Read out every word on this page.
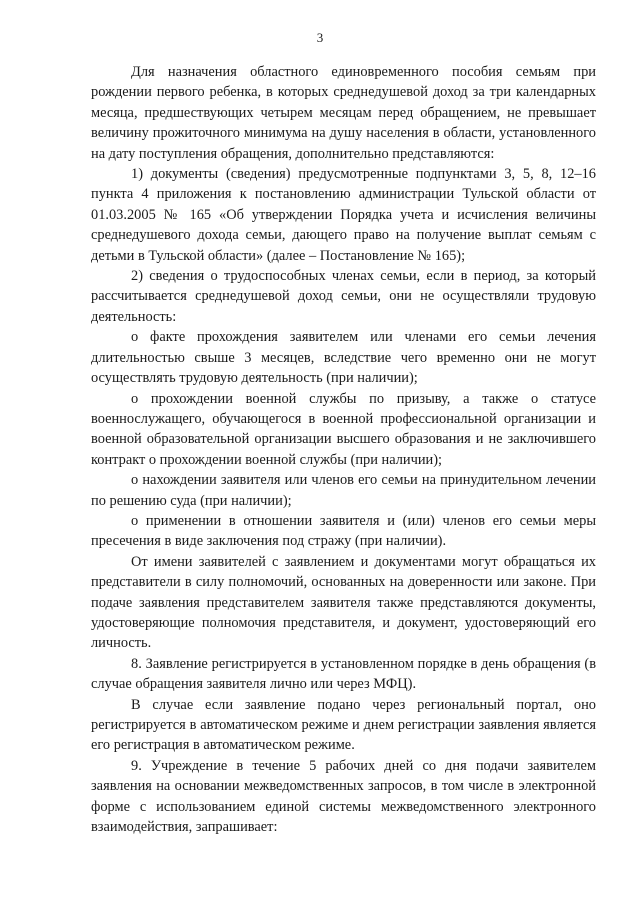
3

Для назначения областного единовременного пособия семьям при рождении первого ребенка, в которых среднедушевой доход за три календарных месяца, предшествующих четырем месяцам перед обращением, не превышает величину прожиточного минимума на душу населения в области, установленного на дату поступления обращения, дополнительно представляются:

1) документы (сведения) предусмотренные подпунктами 3, 5, 8, 12–16 пункта 4 приложения к постановлению администрации Тульской области от 01.03.2005 № 165 «Об утверждении Порядка учета и исчисления величины среднедушевого дохода семьи, дающего право на получение выплат семьям с детьми в Тульской области» (далее – Постановление № 165);

2) сведения о трудоспособных членах семьи, если в период, за который рассчитывается среднедушевой доход семьи, они не осуществляли трудовую деятельность:

о факте прохождения заявителем или членами его семьи лечения длительностью свыше 3 месяцев, вследствие чего временно они не могут осуществлять трудовую деятельность (при наличии);

о прохождении военной службы по призыву, а также о статусе военнослужащего, обучающегося в военной профессиональной организации и военной образовательной организации высшего образования и не заключившего контракт о прохождении военной службы (при наличии);

о нахождении заявителя или членов его семьи на принудительном лечении по решению суда (при наличии);

о применении в отношении заявителя и (или) членов его семьи меры пресечения в виде заключения под стражу (при наличии).

От имени заявителей с заявлением и документами могут обращаться их представители в силу полномочий, основанных на доверенности или законе. При подаче заявления представителем заявителя также представляются документы, удостоверяющие полномочия представителя, и документ, удостоверяющий его личность.

8. Заявление регистрируется в установленном порядке в день обращения (в случае обращения заявителя лично или через МФЦ).

В случае если заявление подано через региональный портал, оно регистрируется в автоматическом режиме и днем регистрации заявления является его регистрация в автоматическом режиме.

9. Учреждение в течение 5 рабочих дней со дня подачи заявителем заявления на основании межведомственных запросов, в том числе в электронной форме с использованием единой системы межведомственного электронного взаимодействия, запрашивает:
